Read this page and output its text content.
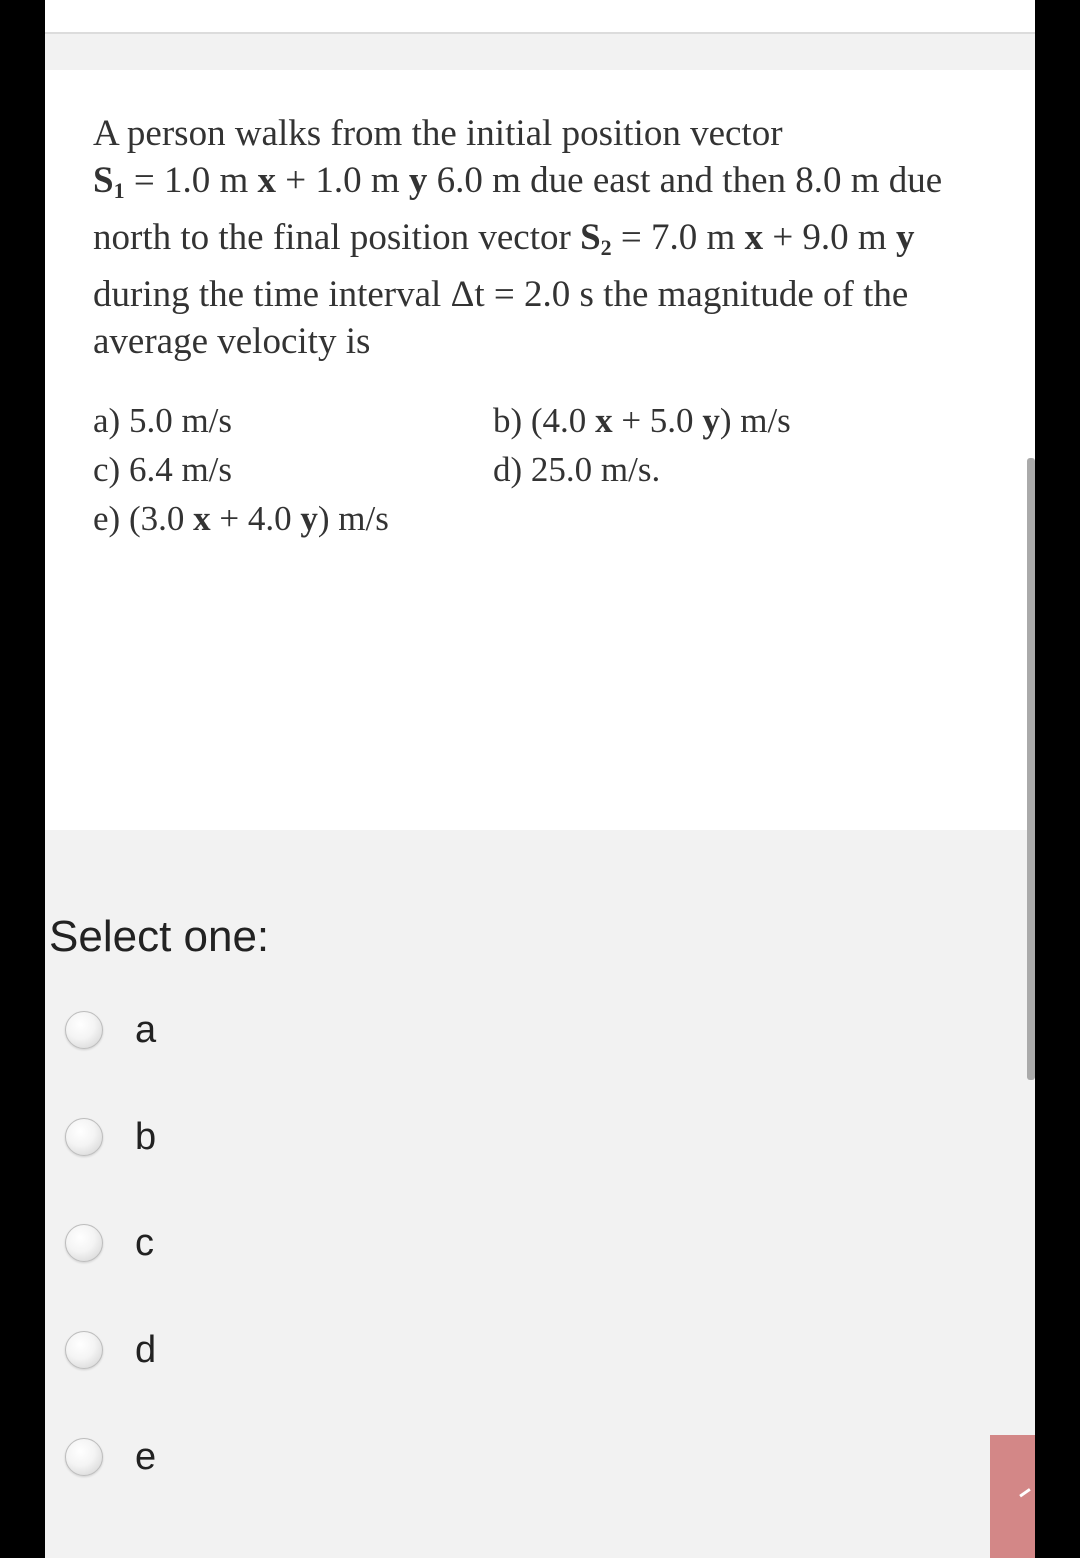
A person walks from the initial position vector
$S_1 = 1.0$ m x + 1.0 m y 6.0 m due east and then 8.0 m due
north to the final position vector $S_2 = 7.0$ m x + 9.0 m y
during the time interval Δt = 2.0 s the magnitude of the
average velocity is
a) 5.0 m/s
c) 6.4 m/s
e) (3.0 x + 4.0 y) m/s
b) (4.0 x + 5.0 y) m/s
d) 25.0 m/s.
Select one:
a
b
c
d
e
